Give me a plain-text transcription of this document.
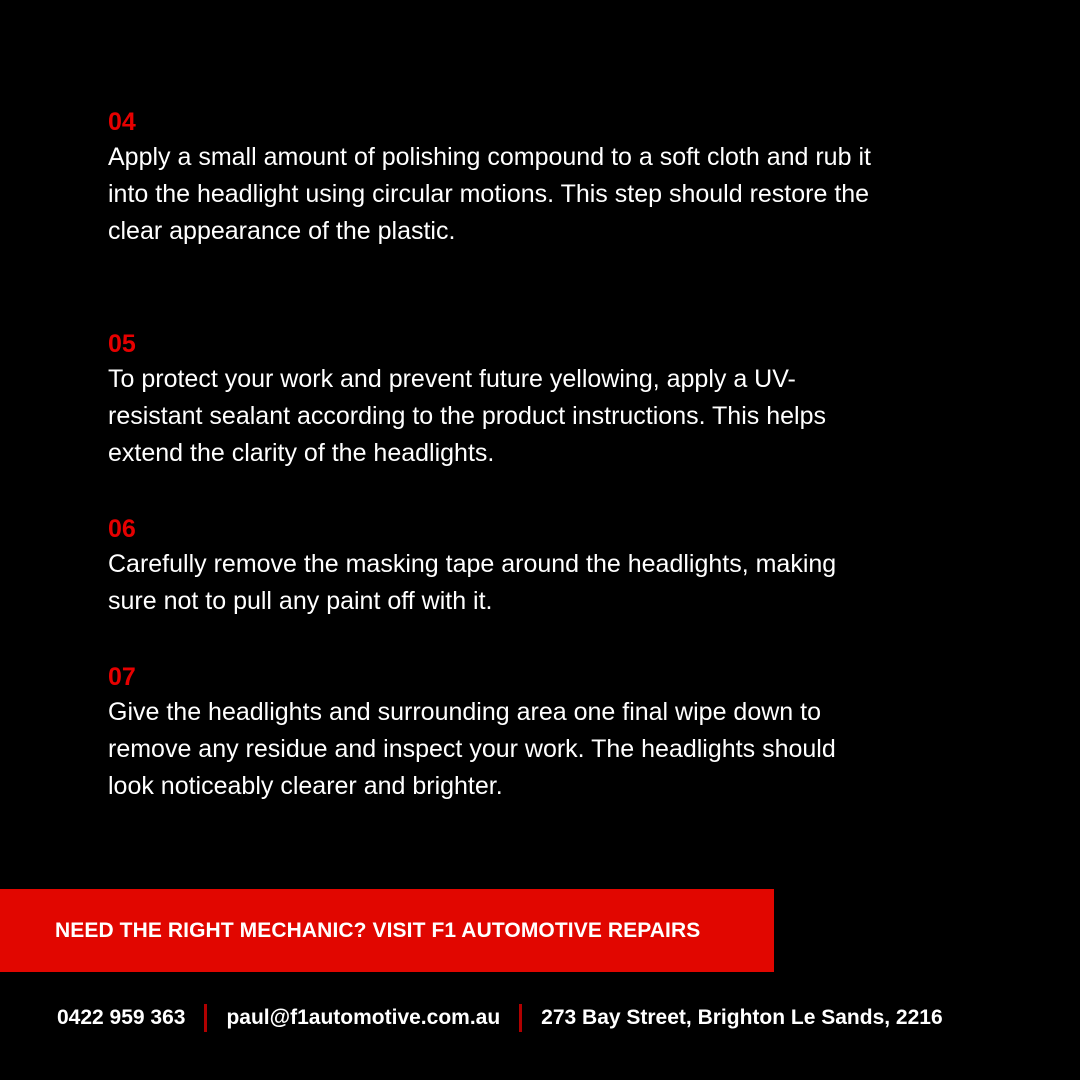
04

Apply a small amount of polishing compound to a soft cloth and rub it into the headlight using circular motions. This step should restore the clear appearance of the plastic.

05

To protect your work and prevent future yellowing, apply a UV-resistant sealant according to the product instructions. This helps extend the clarity of the headlights.

06

Carefully remove the masking tape around the headlights, making sure not to pull any paint off with it.

07

Give the headlights and surrounding area one final wipe down to remove any residue and inspect your work. The headlights should look noticeably clearer and brighter.

NEED THE RIGHT MECHANIC? VISIT F1 AUTOMOTIVE REPAIRS
0422 959 363 paul@f1automotive.com.au 273 Bay Street, Brighton Le Sands, 2216
